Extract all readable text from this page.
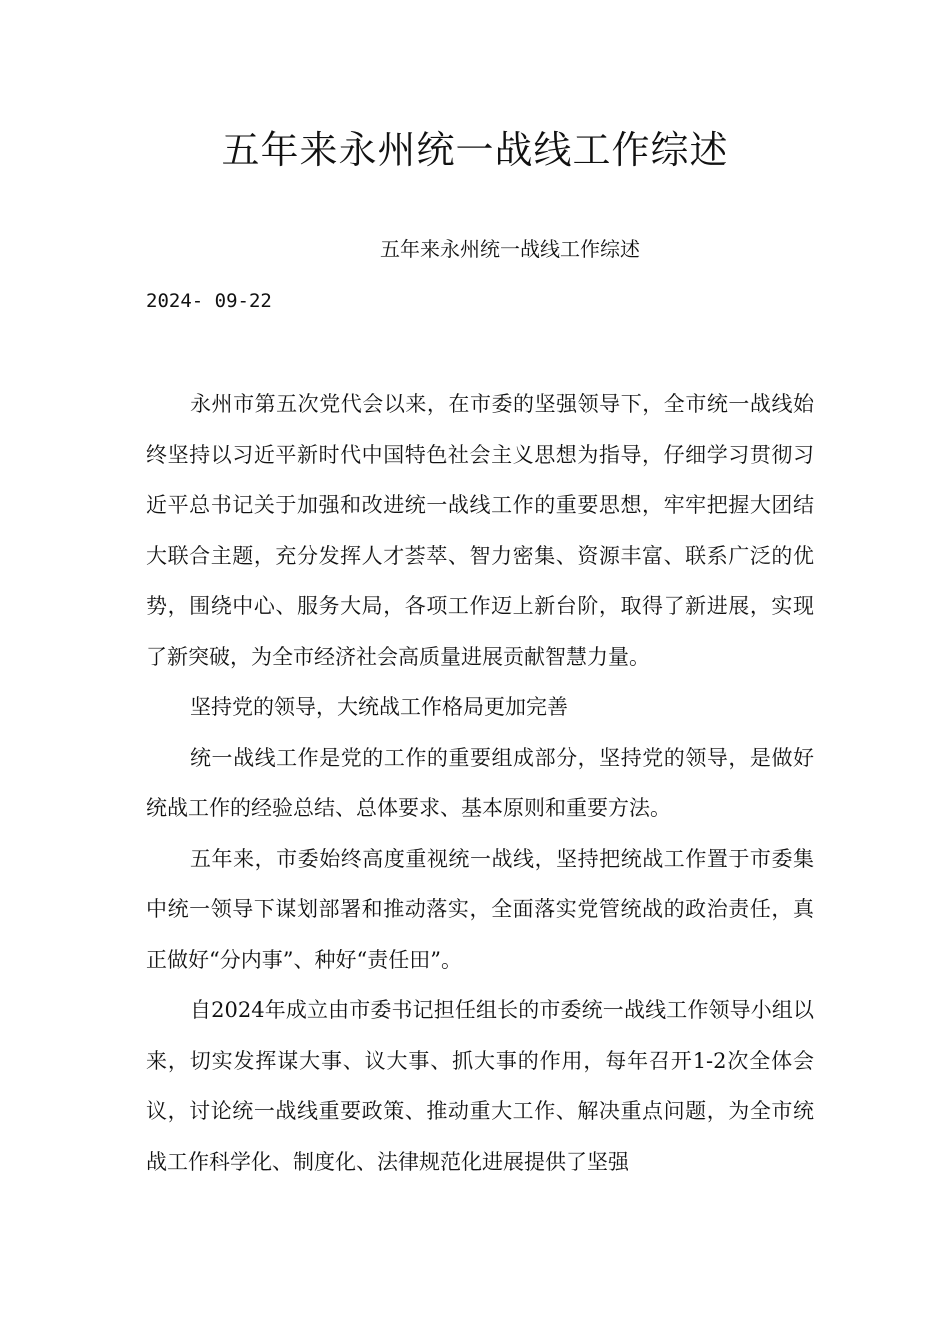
五年来永州统一战线工作综述
五年来永州统一战线工作综述
2024- 09-22

永州市第五次党代会以来，在市委的坚强领导下，全市统一战线始终坚持以习近平新时代中国特色社会主义思想为指导，仔细学习贯彻习近平总书记关于加强和改进统一战线工作的重要思想，牢牢把握大团结大联合主题，充分发挥人才荟萃、智力密集、资源丰富、联系广泛的优势，围绕中心、服务大局，各项工作迈上新台阶，取得了新进展，实现了新突破，为全市经济社会高质量进展贡献智慧力量。

坚持党的领导，大统战工作格局更加完善

统一战线工作是党的工作的重要组成部分，坚持党的领导，是做好统战工作的经验总结、总体要求、基本原则和重要方法。

五年来，市委始终高度重视统一战线，坚持把统战工作置于市委集中统一领导下谋划部署和推动落实，全面落实党管统战的政治责任，真正做好“分内事”、种好“责任田”。

自2024年成立由市委书记担任组长的市委统一战线工作领导小组以来，切实发挥谋大事、议大事、抓大事的作用，每年召开1-2次全体会议，讨论统一战线重要政策、推动重大工作、解决重点问题，为全市统战工作科学化、制度化、法律规范化进展提供了坚强
